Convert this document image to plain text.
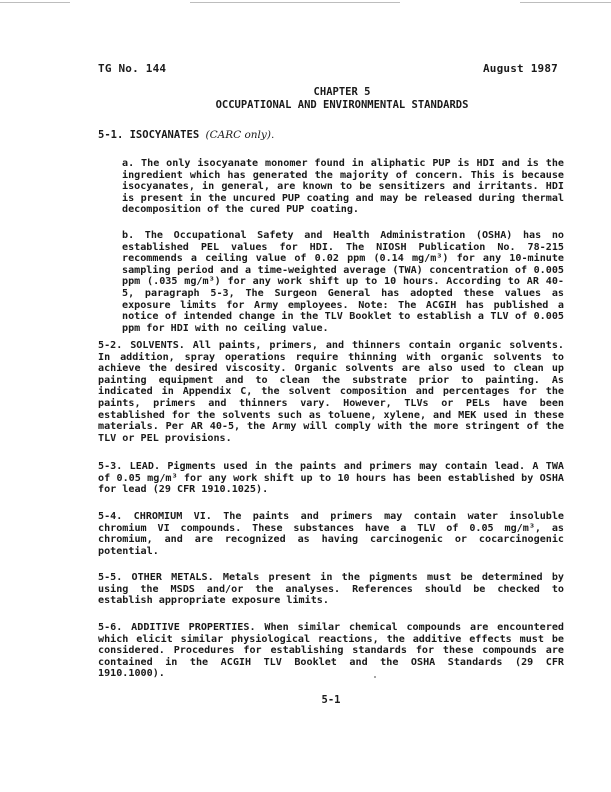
TG No. 144	August 1987
CHAPTER 5
OCCUPATIONAL AND ENVIRONMENTAL STANDARDS
5-1. ISOCYANATES (CARC only).
a. The only isocyanate monomer found in aliphatic PUP is HDI and is the ingredient which has generated the majority of concern. This is because isocyanates, in general, are known to be sensitizers and irritants. HDI is present in the uncured PUP coating and may be released during thermal decomposition of the cured PUP coating.
b. The Occupational Safety and Health Administration (OSHA) has no established PEL values for HDI. The NIOSH Publication No. 78-215 recommends a ceiling value of 0.02 ppm (0.14 mg/m³) for any 10-minute sampling period and a time-weighted average (TWA) concentration of 0.005 ppm (.035 mg/m³) for any work shift up to 10 hours. According to AR 40-5, paragraph 5-3, The Surgeon General has adopted these values as exposure limits for Army employees. Note: The ACGIH has published a notice of intended change in the TLV Booklet to establish a TLV of 0.005 ppm for HDI with no ceiling value.
5-2. SOLVENTS. All paints, primers, and thinners contain organic solvents. In addition, spray operations require thinning with organic solvents to achieve the desired viscosity. Organic solvents are also used to clean up painting equipment and to clean the substrate prior to painting. As indicated in Appendix C, the solvent composition and percentages for the paints, primers and thinners vary. However, TLVs or PELs have been established for the solvents such as toluene, xylene, and MEK used in these materials. Per AR 40-5, the Army will comply with the more stringent of the TLV or PEL provisions.
5-3. LEAD. Pigments used in the paints and primers may contain lead. A TWA of 0.05 mg/m³ for any work shift up to 10 hours has been established by OSHA for lead (29 CFR 1910.1025).
5-4. CHROMIUM VI. The paints and primers may contain water insoluble chromium VI compounds. These substances have a TLV of 0.05 mg/m³, as chromium, and are recognized as having carcinogenic or cocarcinogenic potential.
5-5. OTHER METALS. Metals present in the pigments must be determined by using the MSDS and/or the analyses. References should be checked to establish appropriate exposure limits.
5-6. ADDITIVE PROPERTIES. When similar chemical compounds are encountered which elicit similar physiological reactions, the additive effects must be considered. Procedures for establishing standards for these compounds are contained in the ACGIH TLV Booklet and the OSHA Standards (29 CFR 1910.1000).
5-1
